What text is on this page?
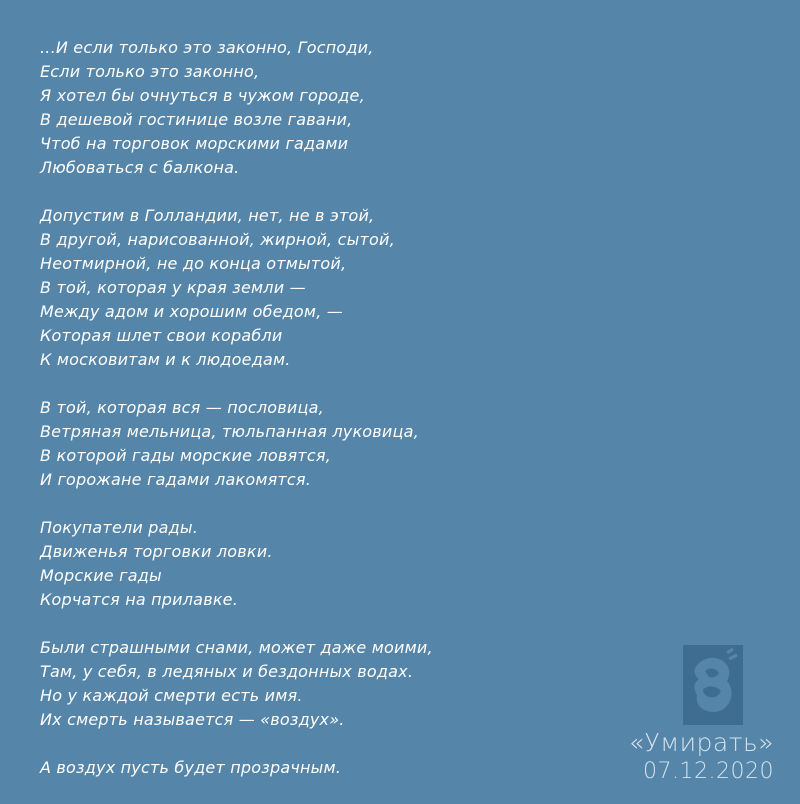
...И если только это законно, Господи,
Если только это законно,
Я хотел бы очнуться в чужом городе,
В дешевой гостинице возле гавани,
Чтоб на торговок морскими гадами
Любоваться с балкона.
Допустим в Голландии, нет, не в этой,
В другой, нарисованной, жирной, сытой,
Неотмирной, не до конца отмытой,
В той, которая у края земли —
Между адом и хорошим обедом, —
Которая шлет свои корабли
К московитам и к людоедам.
В той, которая вся — пословица,
Ветряная мельница, тюльпанная луковица,
В которой гады морские ловятся,
И горожане гадами лакомятся.
Покупатели рады.
Движенья торговки ловки.
Морские гады
Корчатся на прилавке.
Были страшными снами, может даже моими,
Там, у себя, в ледяных и бездонных водах.
Но у каждой смерти есть имя.
Их смерть называется — «воздух».
А воздух пусть будет прозрачным.
«Умирать»
07.12.2020
